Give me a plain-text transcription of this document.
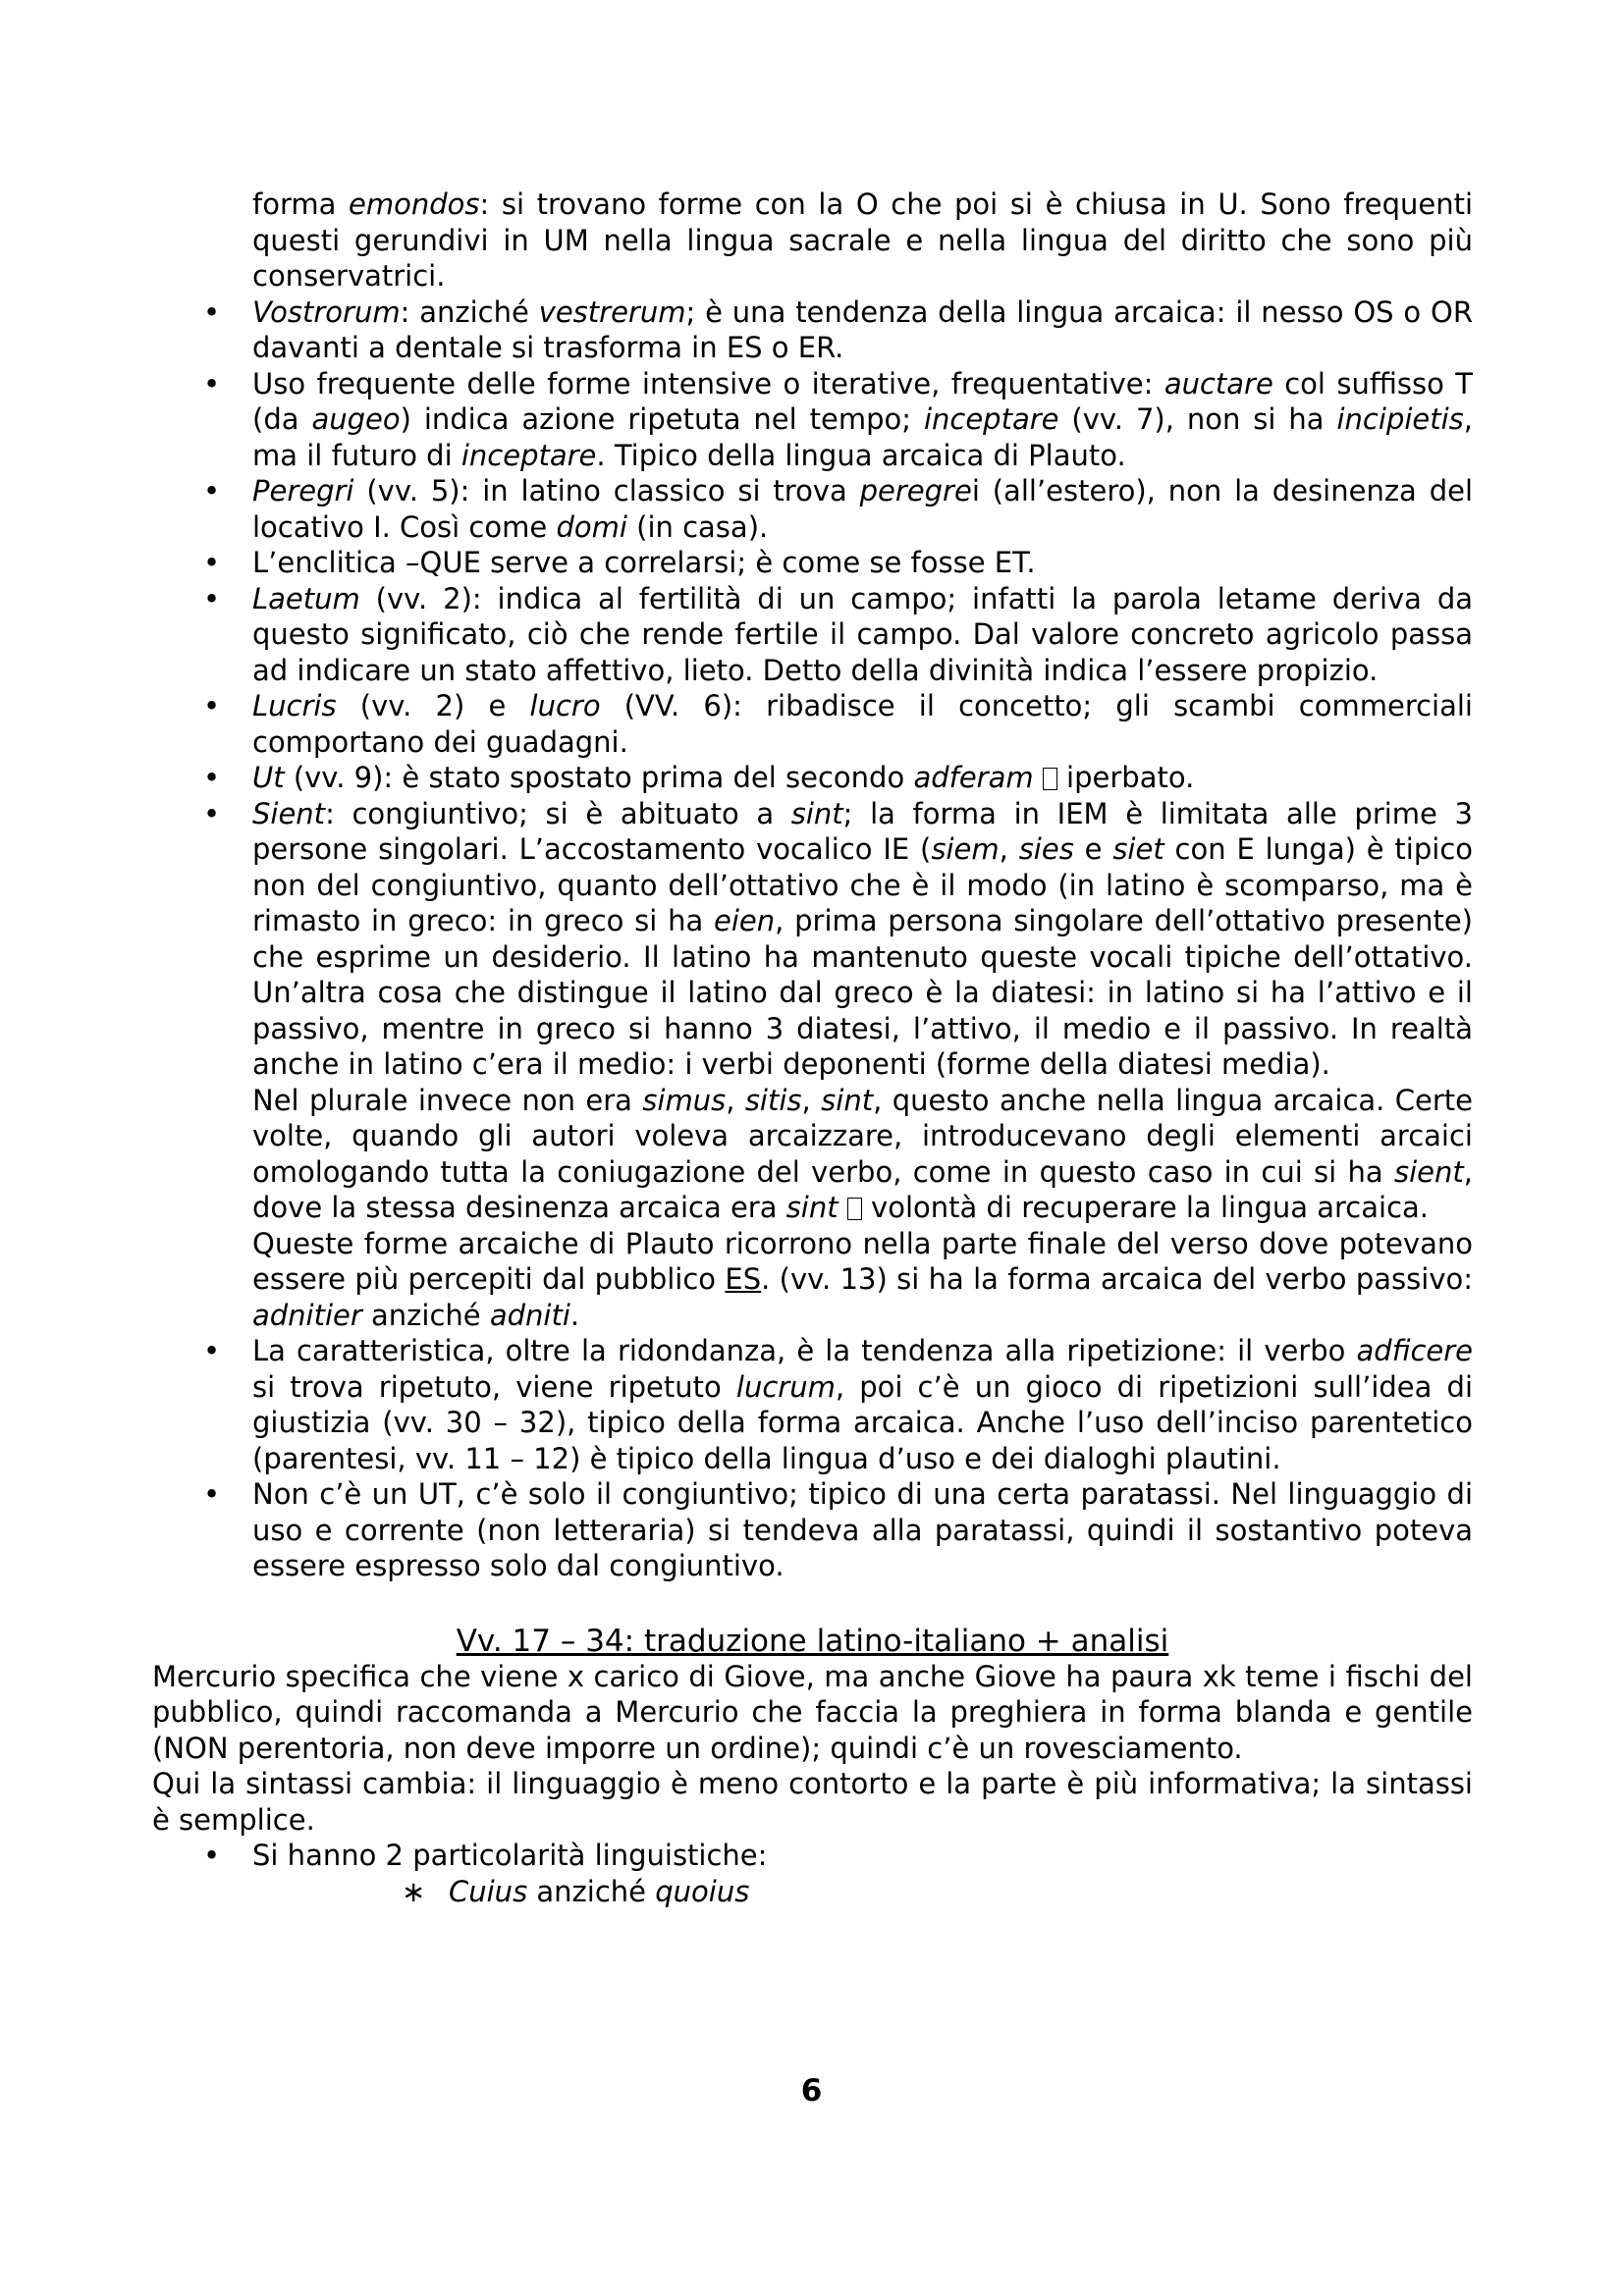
forma emondos: si trovano forme con la O che poi si è chiusa in U. Sono frequenti questi gerundivi in UM nella lingua sacrale e nella lingua del diritto che sono più conservatrici.

• Vostrorum: anziché vestrerum; è una tendenza della lingua arcaica: il nesso OS o OR davanti a dentale si trasforma in ES o ER.
• Uso frequente delle forme intensive o iterative, frequentative: auctare col suffisso T (da augeo) indica azione ripetuta nel tempo; inceptare (vv. 7), non si ha incipietis, ma il futuro di inceptare. Tipico della lingua arcaica di Plauto.
• Peregri (vv. 5): in latino classico si trova peregrei (all’estero), non la desinenza del locativo I. Così come domi (in casa).
• L’enclitica –QUE serve a correlarsi; è come se fosse ET.
• Laetum (vv. 2): indica al fertilità di un campo; infatti la parola letame deriva da questo significato, ciò che rende fertile il campo. Dal valore concreto agricolo passa ad indicare un stato affettivo, lieto. Detto della divinità indica l’essere propizio.
• Lucris (vv. 2) e lucro (VV. 6): ribadisce il concetto; gli scambi commerciali comportano dei guadagni.
• Ut (vv. 9): è stato spostato prima del secondo adferam  iperbato.

• Sient: congiuntivo; si è abituato a sint; la forma in IEM è limitata alle prime 3 persone singolari. L’accostamento vocalico IE (siem, sies e siet con E lunga) è tipico non del congiuntivo, quanto dell’ottativo che è il modo (in latino è scomparso, ma è rimasto in greco: in greco si ha eien, prima persona singolare dell’ottativo presente) che esprime un desiderio. Il latino ha mantenuto queste vocali tipiche dell’ottativo. Un’altra cosa che distingue il latino dal greco è la diatesi: in latino si ha l’attivo e il passivo, mentre in greco si hanno 3 diatesi, l’attivo, il medio e il passivo. In realtà anche in latino c’era il medio: i verbi deponenti (forme della diatesi media).

Nel plurale invece non era simus, sitis, sint, questo anche nella lingua arcaica. Certe volte, quando gli autori voleva arcaizzare, introducevano degli elementi arcaici omologando tutta la coniugazione del verbo, come in questo caso in cui si ha sient, dove la stessa desinenza arcaica era sint  volontà di recuperare la lingua arcaica.

Queste forme arcaiche di Plauto ricorrono nella parte finale del verso dove potevano essere più percepiti dal pubblico ES. (vv. 13) si ha la forma arcaica del verbo passivo: adnitier anziché adniti.

• La caratteristica, oltre la ridondanza, è la tendenza alla ripetizione: il verbo adficere si trova ripetuto, viene ripetuto lucrum, poi c’è un gioco di ripetizioni sull’idea di giustizia (vv. 30 – 32), tipico della forma arcaica. Anche l’uso dell’inciso parentetico (parentesi, vv. 11 – 12) è tipico della lingua d’uso e dei dialoghi plautini.
• Non c’è un UT, c’è solo il congiuntivo; tipico di una certa paratassi. Nel linguaggio di uso e corrente (non letteraria) si tendeva alla paratassi, quindi il sostantivo poteva essere espresso solo dal congiuntivo.
Vv. 17 – 34: traduzione latino-italiano + analisi

Mercurio specifica che viene x carico di Giove, ma anche Giove ha paura xk teme i fischi del pubblico, quindi raccomanda a Mercurio che faccia la preghiera in forma blanda e gentile (NON perentoria, non deve imporre un ordine); quindi c’è un rovesciamento.

Qui la sintassi cambia: il linguaggio è meno contorto e la parte è più informativa; la sintassi è semplice.

• Si hanno 2 particolarità linguistiche:
∗ Cuius anziché quoius
6
